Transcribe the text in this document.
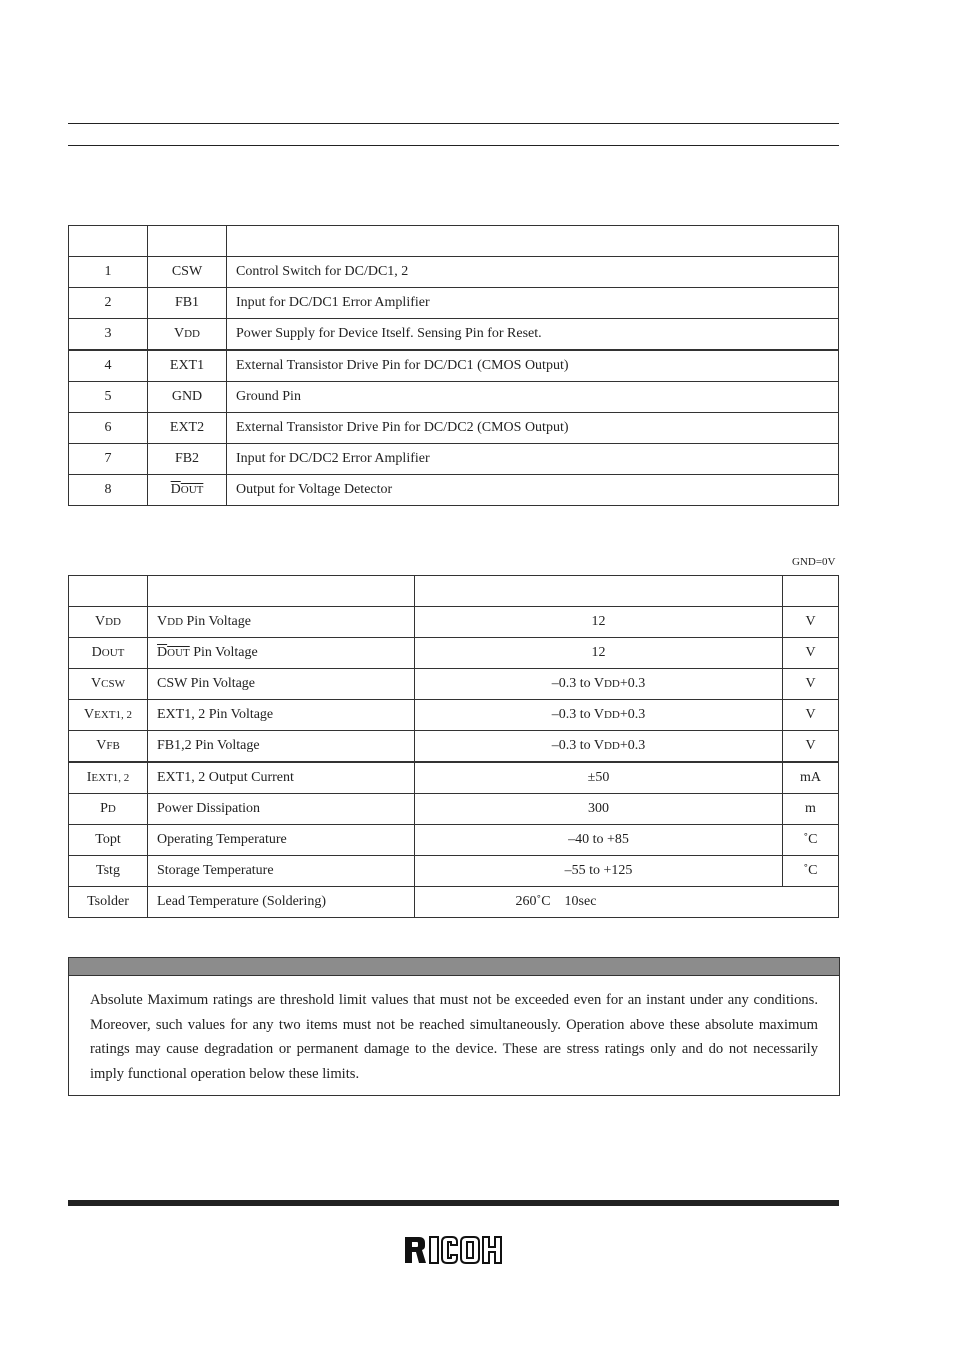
1	CSW	Control Switch for DC/DC1, 2
2	FB1	Input for DC/DC1 Error Amplifier
3	VDD	Power Supply for Device Itself. Sensing Pin for Reset.
4	EXT1	External Transistor Drive Pin for DC/DC1 (CMOS Output)
5	GND	Ground Pin
6	EXT2	External Transistor Drive Pin for DC/DC2 (CMOS Output)
7	FB2	Input for DC/DC2 Error Amplifier
8	DOUT	Output for Voltage Detector
GND=0V

VDD	VDD Pin Voltage	12	V
DOUT	DOUT Pin Voltage	12	V
VCSW	CSW Pin Voltage	–0.3 to VDD+0.3	V
VEXT1, 2	EXT1, 2 Pin Voltage	–0.3 to VDD+0.3	V
VFB	FB1,2 Pin Voltage	–0.3 to VDD+0.3	V
IEXT1, 2	EXT1, 2 Output Current	±50	mA
PD	Power Dissipation	300	m
Topt	Operating Temperature	–40 to +85	˚C
Tstg	Storage Temperature	–55 to +125	˚C
Tsolder	Lead Temperature (Soldering)	260˚C    10sec	
Absolute Maximum ratings are threshold limit values that must not be exceeded even for an instant under any conditions. Moreover, such values for any two items must not be reached simultaneously. Operation above these absolute maximum ratings may cause degradation or permanent damage to the device. These are stress ratings only and do not necessarily imply functional operation below these limits.
